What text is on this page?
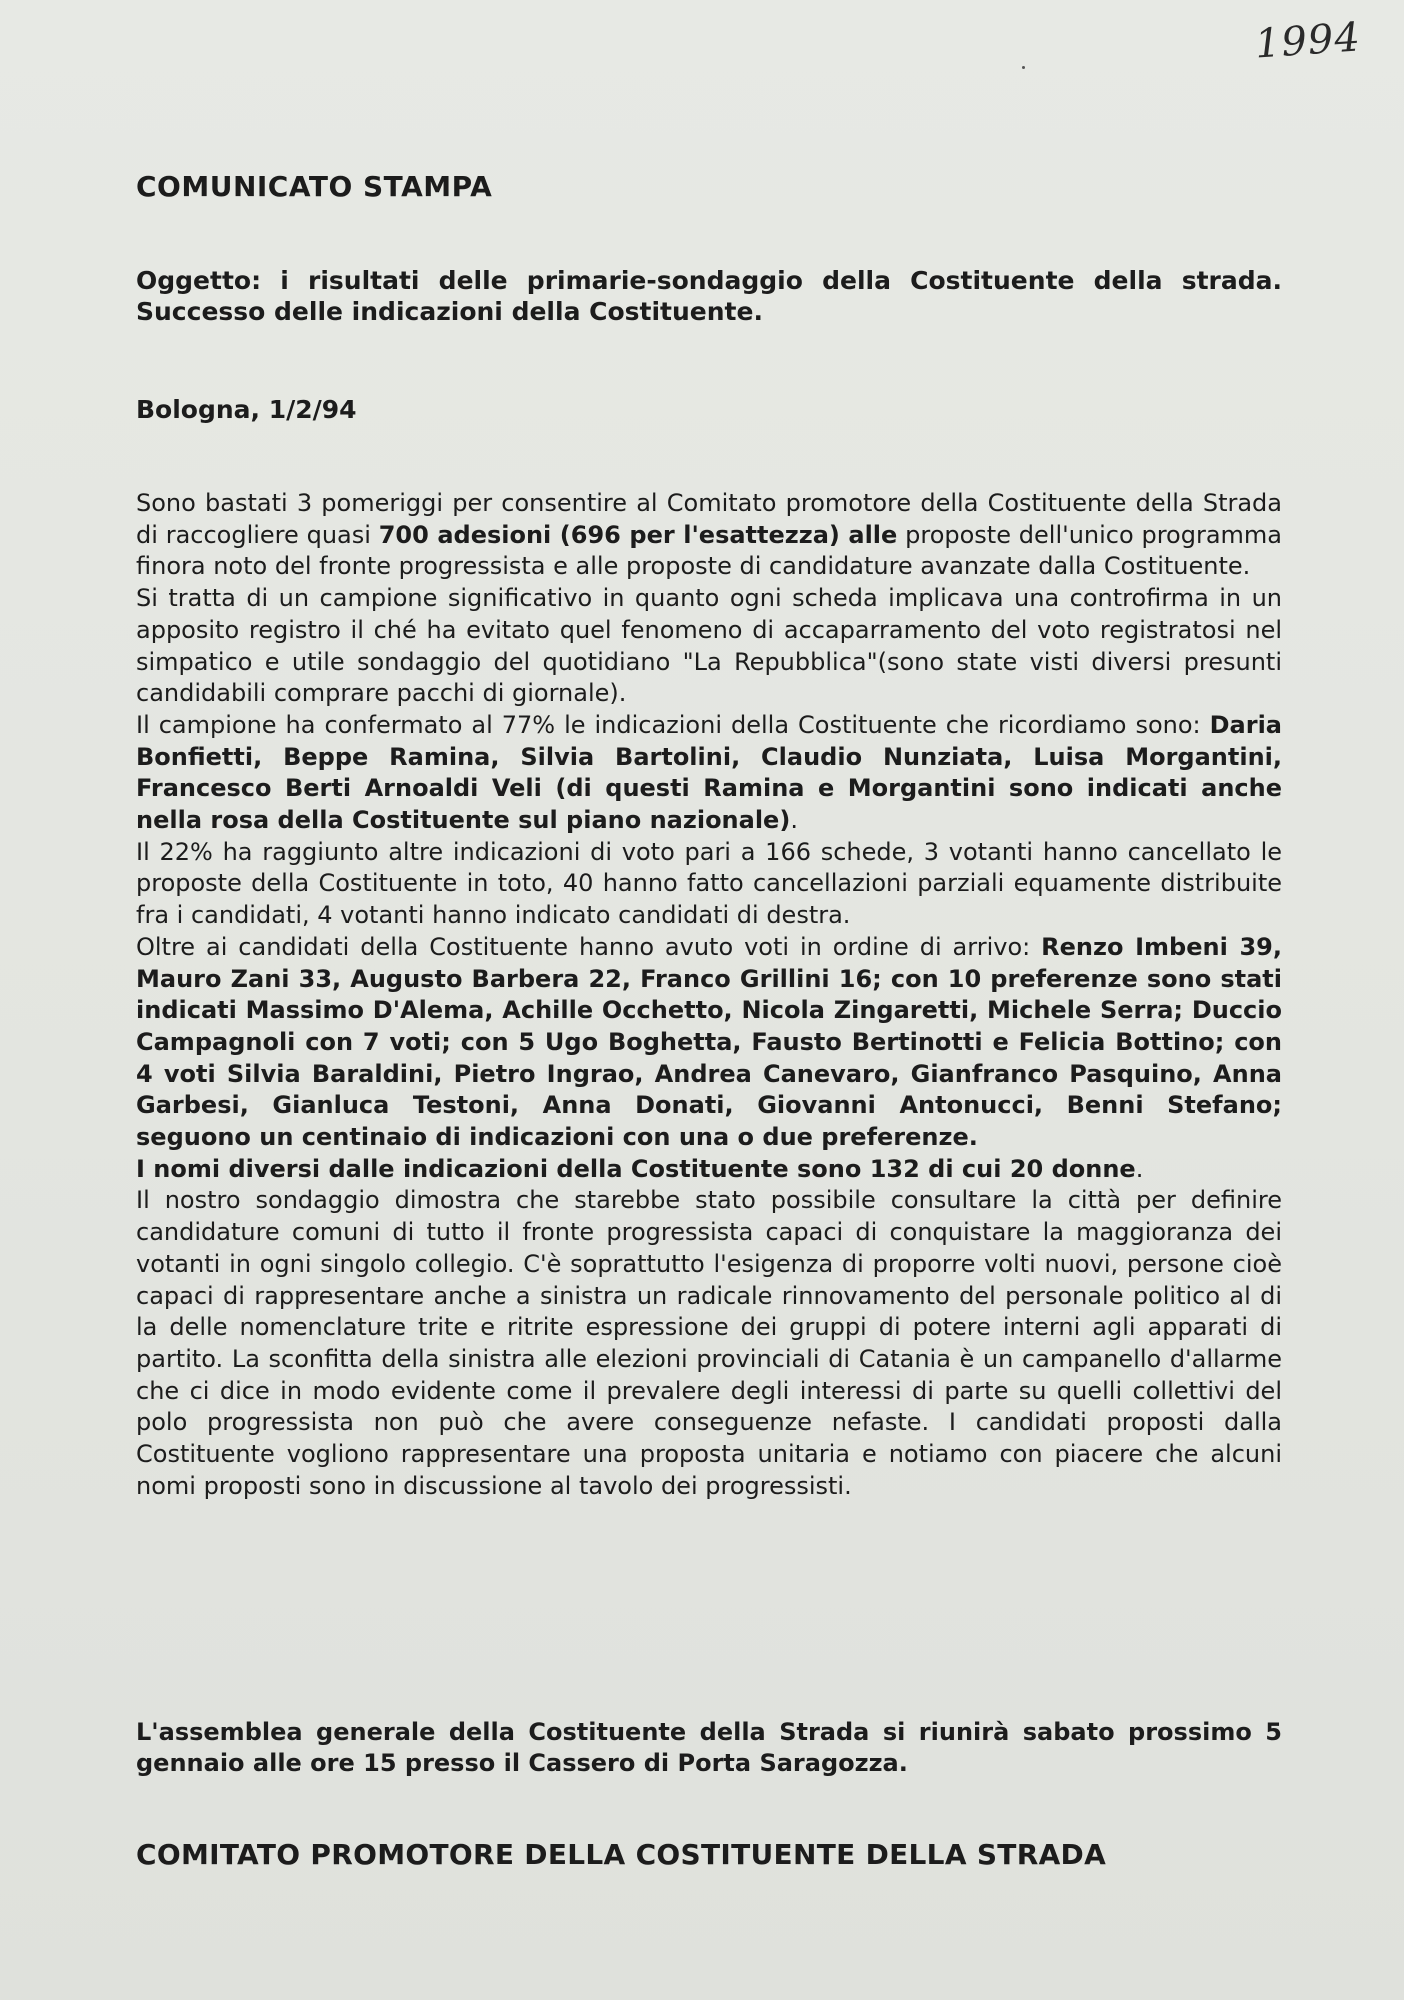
1994
COMUNICATO STAMPA

Oggetto: i risultati delle primarie-sondaggio della Costituente della strada. Successo delle indicazioni della Costituente.

Bologna, 1/2/94

Sono bastati 3 pomeriggi per consentire al Comitato promotore della Costituente della Strada di raccogliere quasi 700 adesioni (696 per l'esattezza) alle proposte dell'unico programma finora noto del fronte progressista e alle proposte di candidature avanzate dalla Costituente.

Si tratta di un campione significativo in quanto ogni scheda implicava una controfirma in un apposito registro il ché ha evitato quel fenomeno di accaparramento del voto registratosi nel simpatico e utile sondaggio del quotidiano "La Repubblica"(sono state visti diversi presunti candidabili comprare pacchi di giornale).

Il campione ha confermato al 77% le indicazioni della Costituente che ricordiamo sono: Daria Bonfietti, Beppe Ramina, Silvia Bartolini, Claudio Nunziata, Luisa Morgantini, Francesco Berti Arnoaldi Veli (di questi Ramina e Morgantini sono indicati anche nella rosa della Costituente sul piano nazionale).

Il 22% ha raggiunto altre indicazioni di voto pari a 166 schede, 3 votanti hanno cancellato le proposte della Costituente in toto, 40 hanno fatto cancellazioni parziali equamente distribuite fra i candidati, 4 votanti hanno indicato candidati di destra.

Oltre ai candidati della Costituente hanno avuto voti in ordine di arrivo: Renzo Imbeni 39, Mauro Zani 33, Augusto Barbera 22, Franco Grillini 16; con 10 preferenze sono stati indicati Massimo D'Alema, Achille Occhetto, Nicola Zingaretti, Michele Serra; Duccio Campagnoli con 7 voti; con 5 Ugo Boghetta, Fausto Bertinotti e Felicia Bottino; con 4 voti Silvia Baraldini, Pietro Ingrao, Andrea Canevaro, Gianfranco Pasquino, Anna Garbesi, Gianluca Testoni, Anna Donati, Giovanni Antonucci, Benni Stefano; seguono un centinaio di indicazioni con una o due preferenze.

I nomi diversi dalle indicazioni della Costituente sono 132 di cui 20 donne.

Il nostro sondaggio dimostra che starebbe stato possibile consultare la città per definire candidature comuni di tutto il fronte progressista capaci di conquistare la maggioranza dei votanti in ogni singolo collegio. C'è soprattutto l'esigenza di proporre volti nuovi, persone cioè capaci di rappresentare anche a sinistra un radicale rinnovamento del personale politico al di la delle nomenclature trite e ritrite espressione dei gruppi di potere interni agli apparati di partito. La sconfitta della sinistra alle elezioni provinciali di Catania è un campanello d'allarme che ci dice in modo evidente come il prevalere degli interessi di parte su quelli collettivi del polo progressista non può che avere conseguenze nefaste. I candidati proposti dalla Costituente vogliono rappresentare una proposta unitaria e notiamo con piacere che alcuni nomi proposti sono in discussione al tavolo dei progressisti.

L'assemblea generale della Costituente della Strada si riunirà sabato prossimo 5 gennaio alle ore 15 presso il Cassero di Porta Saragozza.

COMITATO PROMOTORE DELLA COSTITUENTE DELLA STRADA
